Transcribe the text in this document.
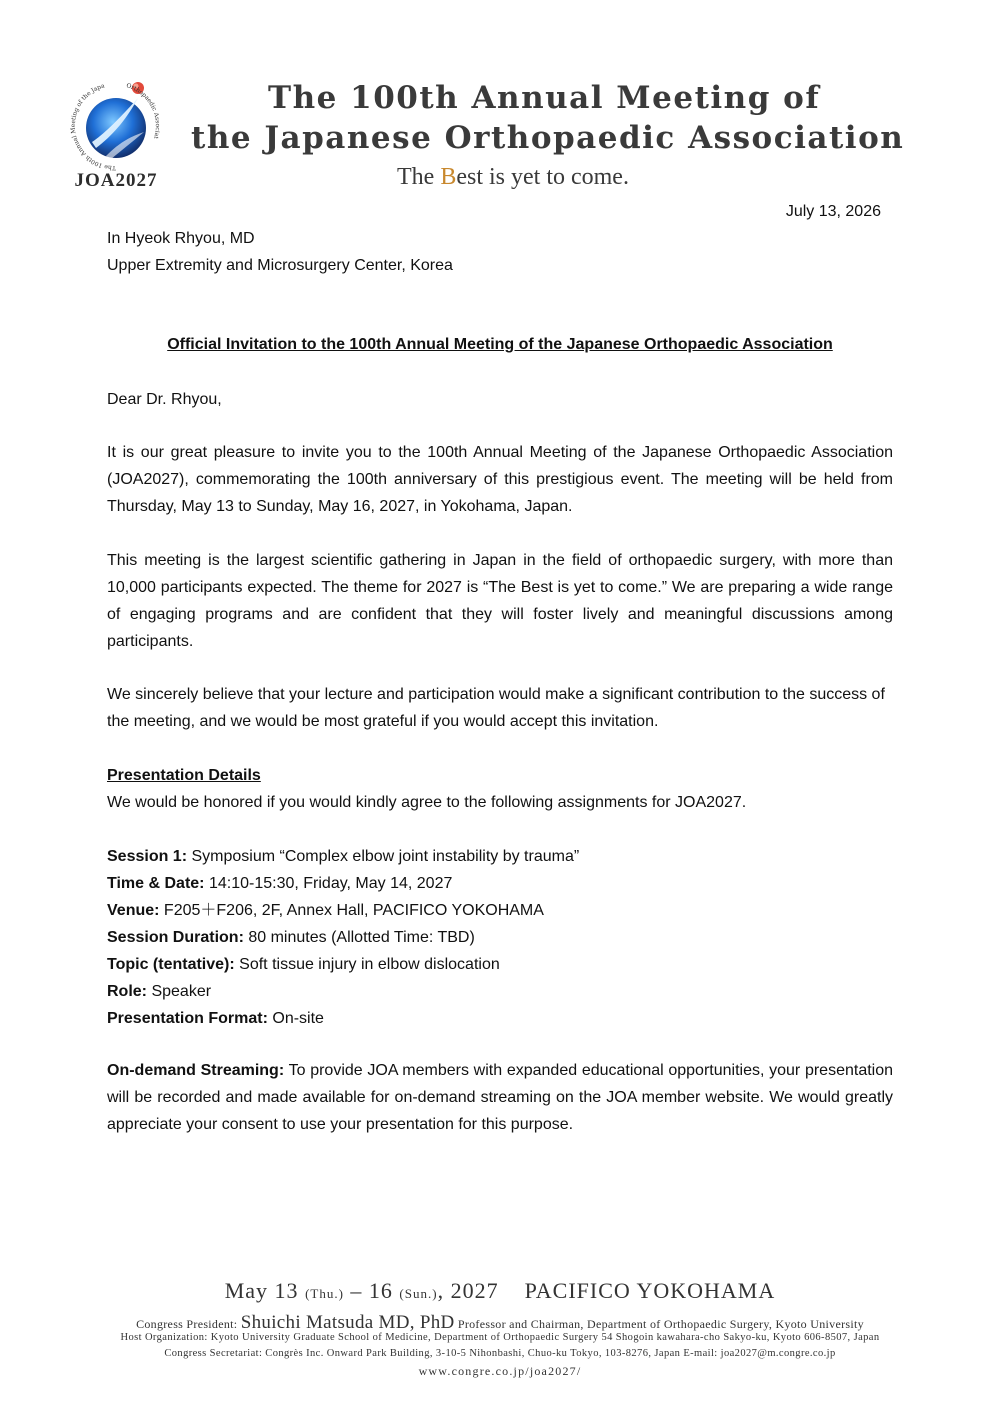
The 100th Annual Meeting of the Japa	Orthopaedic Associat
JOA2027
The 100th Annual Meeting of
the Japanese Orthopaedic Association
The Best is yet to come.
July 13, 2026
In Hyeok Rhyou, MD
Upper Extremity and Microsurgery Center, Korea
Official Invitation to the 100th Annual Meeting of the Japanese Orthopaedic Association
Dear Dr. Rhyou,
It is our great pleasure to invite you to the 100th Annual Meeting of the Japanese Orthopaedic Association (JOA2027), commemorating the 100th anniversary of this prestigious event. The meeting will be held from Thursday, May 13 to Sunday, May 16, 2027, in Yokohama, Japan.
This meeting is the largest scientific gathering in Japan in the field of orthopaedic surgery, with more than 10,000 participants expected. The theme for 2027 is “The Best is yet to come.” We are preparing a wide range of engaging programs and are confident that they will foster lively and meaningful discussions among participants.
We sincerely believe that your lecture and participation would make a significant contribution to the success of the meeting, and we would be most grateful if you would accept this invitation.
Presentation Details
We would be honored if you would kindly agree to the following assignments for JOA2027.
Session 1: Symposium “Complex elbow joint instability by trauma”
Time & Date: 14:10-15:30, Friday, May 14, 2027
Venue: F205＋F206, 2F, Annex Hall, PACIFICO YOKOHAMA
Session Duration: 80 minutes (Allotted Time: TBD)
Topic (tentative): Soft tissue injury in elbow dislocation
Role: Speaker
Presentation Format: On-site
On-demand Streaming: To provide JOA members with expanded educational opportunities, your presentation will be recorded and made available for on-demand streaming on the JOA member website. We would greatly appreciate your consent to use your presentation for this purpose.
May 13 (Thu.) – 16 (Sun.), 2027 PACIFICO YOKOHAMA
Congress President: Shuichi Matsuda MD, PhD Professor and Chairman, Department of Orthopaedic Surgery, Kyoto University
Host Organization: Kyoto University Graduate School of Medicine, Department of Orthopaedic Surgery 54 Shogoin kawahara-cho Sakyo-ku, Kyoto 606-8507, Japan
Congress Secretariat: Congrès Inc. Onward Park Building, 3-10-5 Nihonbashi, Chuo-ku Tokyo, 103-8276, Japan E-mail: joa2027@m.congre.co.jp
www.congre.co.jp/joa2027/
